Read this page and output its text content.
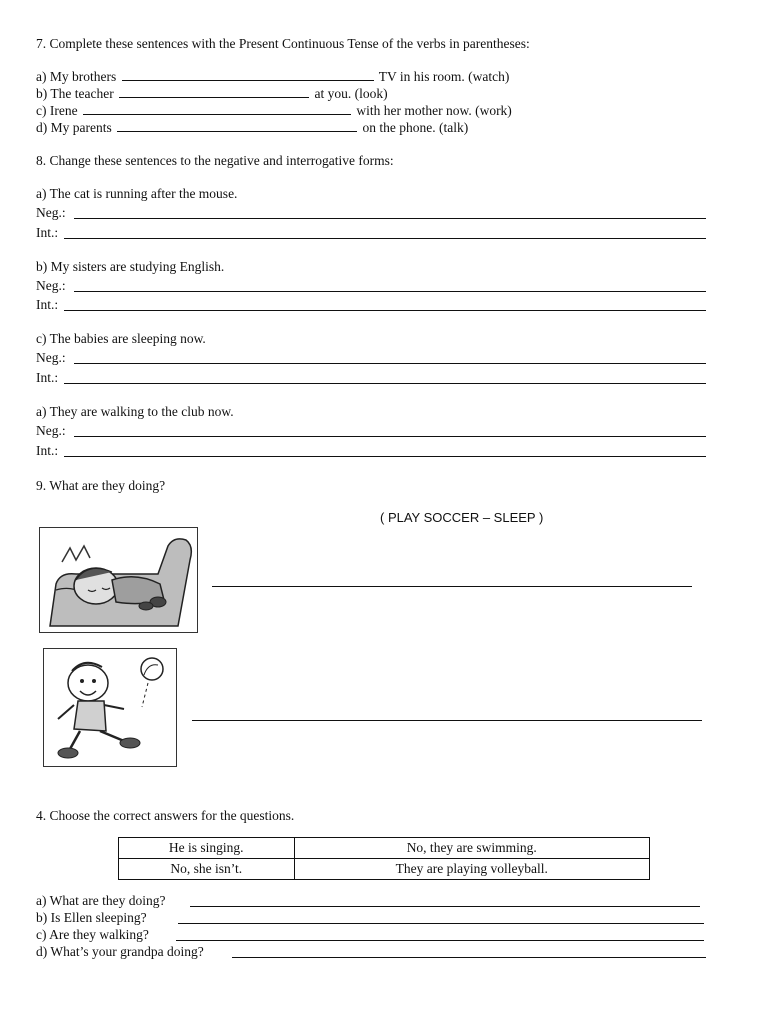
7. Complete these sentences with the Present Continuous Tense of the verbs in parentheses:
a) My brothers	TV in his room. (watch)
b) The teacher	at you. (look)
c) Irene	with her mother now. (work)
d) My parents	on the phone. (talk)
8. Change these sentences to the negative and interrogative forms:
a) The cat is running after the mouse.
Neg.:
Int.:
b) My sisters are studying English.
Neg.:
Int.:
c) The babies are sleeping now.
Neg.:
Int.:
a) They are walking to the club now.
Neg.:
Int.:
9. What are they doing?
( PLAY SOCCER – SLEEP )
4. Choose the correct answers for the questions.
He is singing.	No, they are swimming.
No, she isn’t.	They are playing volleyball.
a) What are they doing?
b) Is Ellen sleeping?
c) Are they walking?
d) What’s your grandpa doing?
